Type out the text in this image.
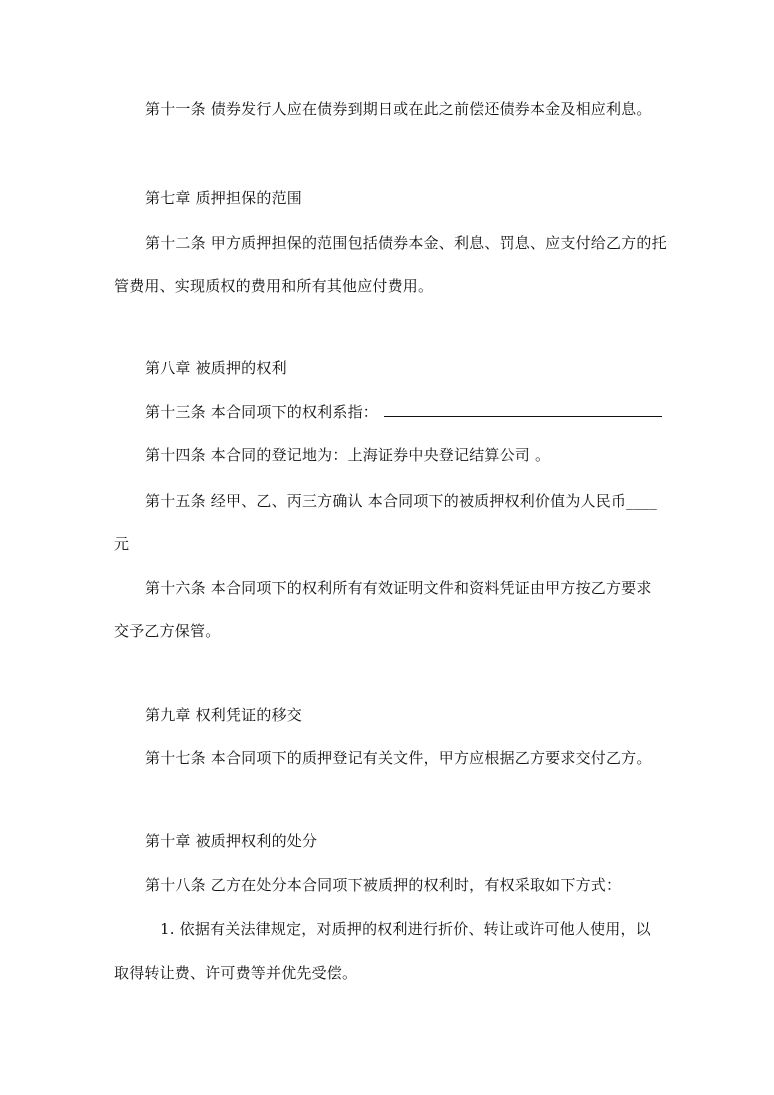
第十一条 债券发行人应在债券到期日或在此之前偿还债券本金及相应利息。
第七章 质押担保的范围
第十二条 甲方质押担保的范围包括债券本金、利息、罚息、应支付给乙方的托
管费用、实现质权的费用和所有其他应付费用。
第八章 被质押的权利
第十三条 本合同项下的权利系指：
第十四条 本合同的登记地为：上海证券中央登记结算公司 。
第十五条 经甲、乙、丙三方确认 本合同项下的被质押权利价值为人民币____
元
第十六条 本合同项下的权利所有有效证明文件和资料凭证由甲方按乙方要求
交予乙方保管。
第九章 权利凭证的移交
第十七条 本合同项下的质押登记有关文件，甲方应根据乙方要求交付乙方。
第十章 被质押权利的处分
第十八条 乙方在处分本合同项下被质押的权利时，有权采取如下方式：
1. 依据有关法律规定，对质押的权利进行折价、转让或许可他人使用，以
取得转让费、许可费等并优先受偿。
